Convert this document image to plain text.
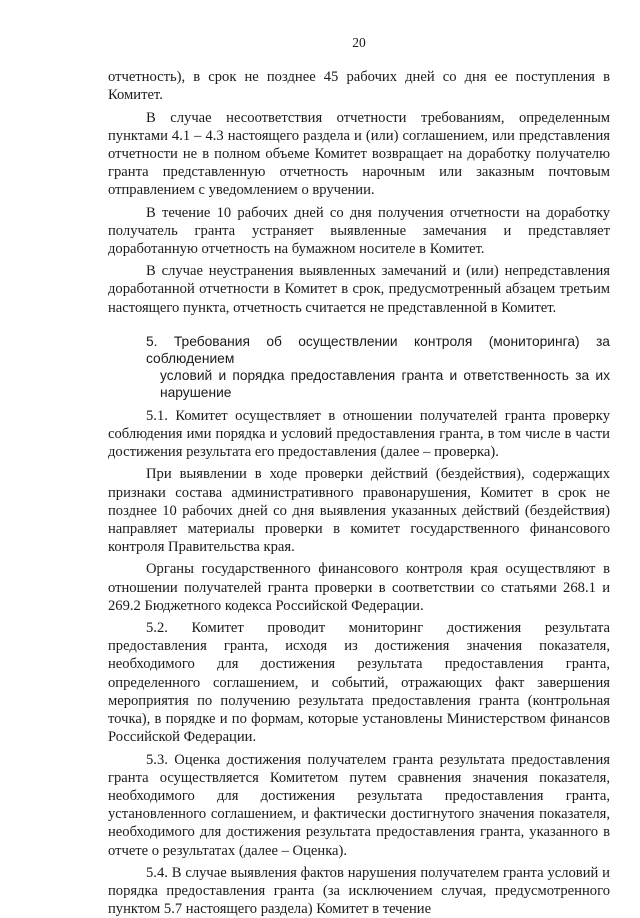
20

отчетность), в срок не позднее 45 рабочих дней со дня ее поступления в Комитет.

В случае несоответствия отчетности требованиям, определенным пунктами 4.1 – 4.3 настоящего раздела и (или) соглашением, или представления отчетности не в полном объеме Комитет возвращает на доработку получателю гранта представленную отчетность нарочным или заказным почтовым отправлением с уведомлением о вручении.

В течение 10 рабочих дней со дня получения отчетности на доработку получатель гранта устраняет выявленные замечания и представляет доработанную отчетность на бумажном носителе в Комитет.

В случае неустранения выявленных замечаний и (или) непредставления доработанной отчетности в Комитет в срок, предусмотренный абзацем третьим настоящего пункта, отчетность считается не представленной в Комитет.

5. Требования об осуществлении контроля (мониторинга) за соблюдением
условий и порядка предоставления гранта и ответственность за их нарушение

5.1. Комитет осуществляет в отношении получателей гранта проверку соблюдения ими порядка и условий предоставления гранта, в том числе в части достижения результата его предоставления (далее – проверка).

При выявлении в ходе проверки действий (бездействия), содержащих признаки состава административного правонарушения, Комитет в срок не позднее 10 рабочих дней со дня выявления указанных действий (бездействия) направляет материалы проверки в комитет государственного финансового контроля Правительства края.

Органы государственного финансового контроля края осуществляют в отношении получателей гранта проверки в соответствии со статьями 268.1 и 269.2 Бюджетного кодекса Российской Федерации.

5.2. Комитет проводит мониторинг достижения результата предоставления гранта, исходя из достижения значения показателя, необходимого для достижения результата предоставления гранта, определенного соглашением, и событий, отражающих факт завершения мероприятия по получению результата предоставления гранта (контрольная точка), в порядке и по формам, которые установлены Министерством финансов Российской Федерации.

5.3. Оценка достижения получателем гранта результата предоставления гранта осуществляется Комитетом путем сравнения значения показателя, необходимого для достижения результата предоставления гранта, установленного соглашением, и фактически достигнутого значения показателя, необходимого для достижения результата предоставления гранта, указанного в отчете о результатах (далее – Оценка).

5.4. В случае выявления фактов нарушения получателем гранта условий и порядка предоставления гранта (за исключением случая, предусмотренного пунктом 5.7 настоящего раздела) Комитет в течение
